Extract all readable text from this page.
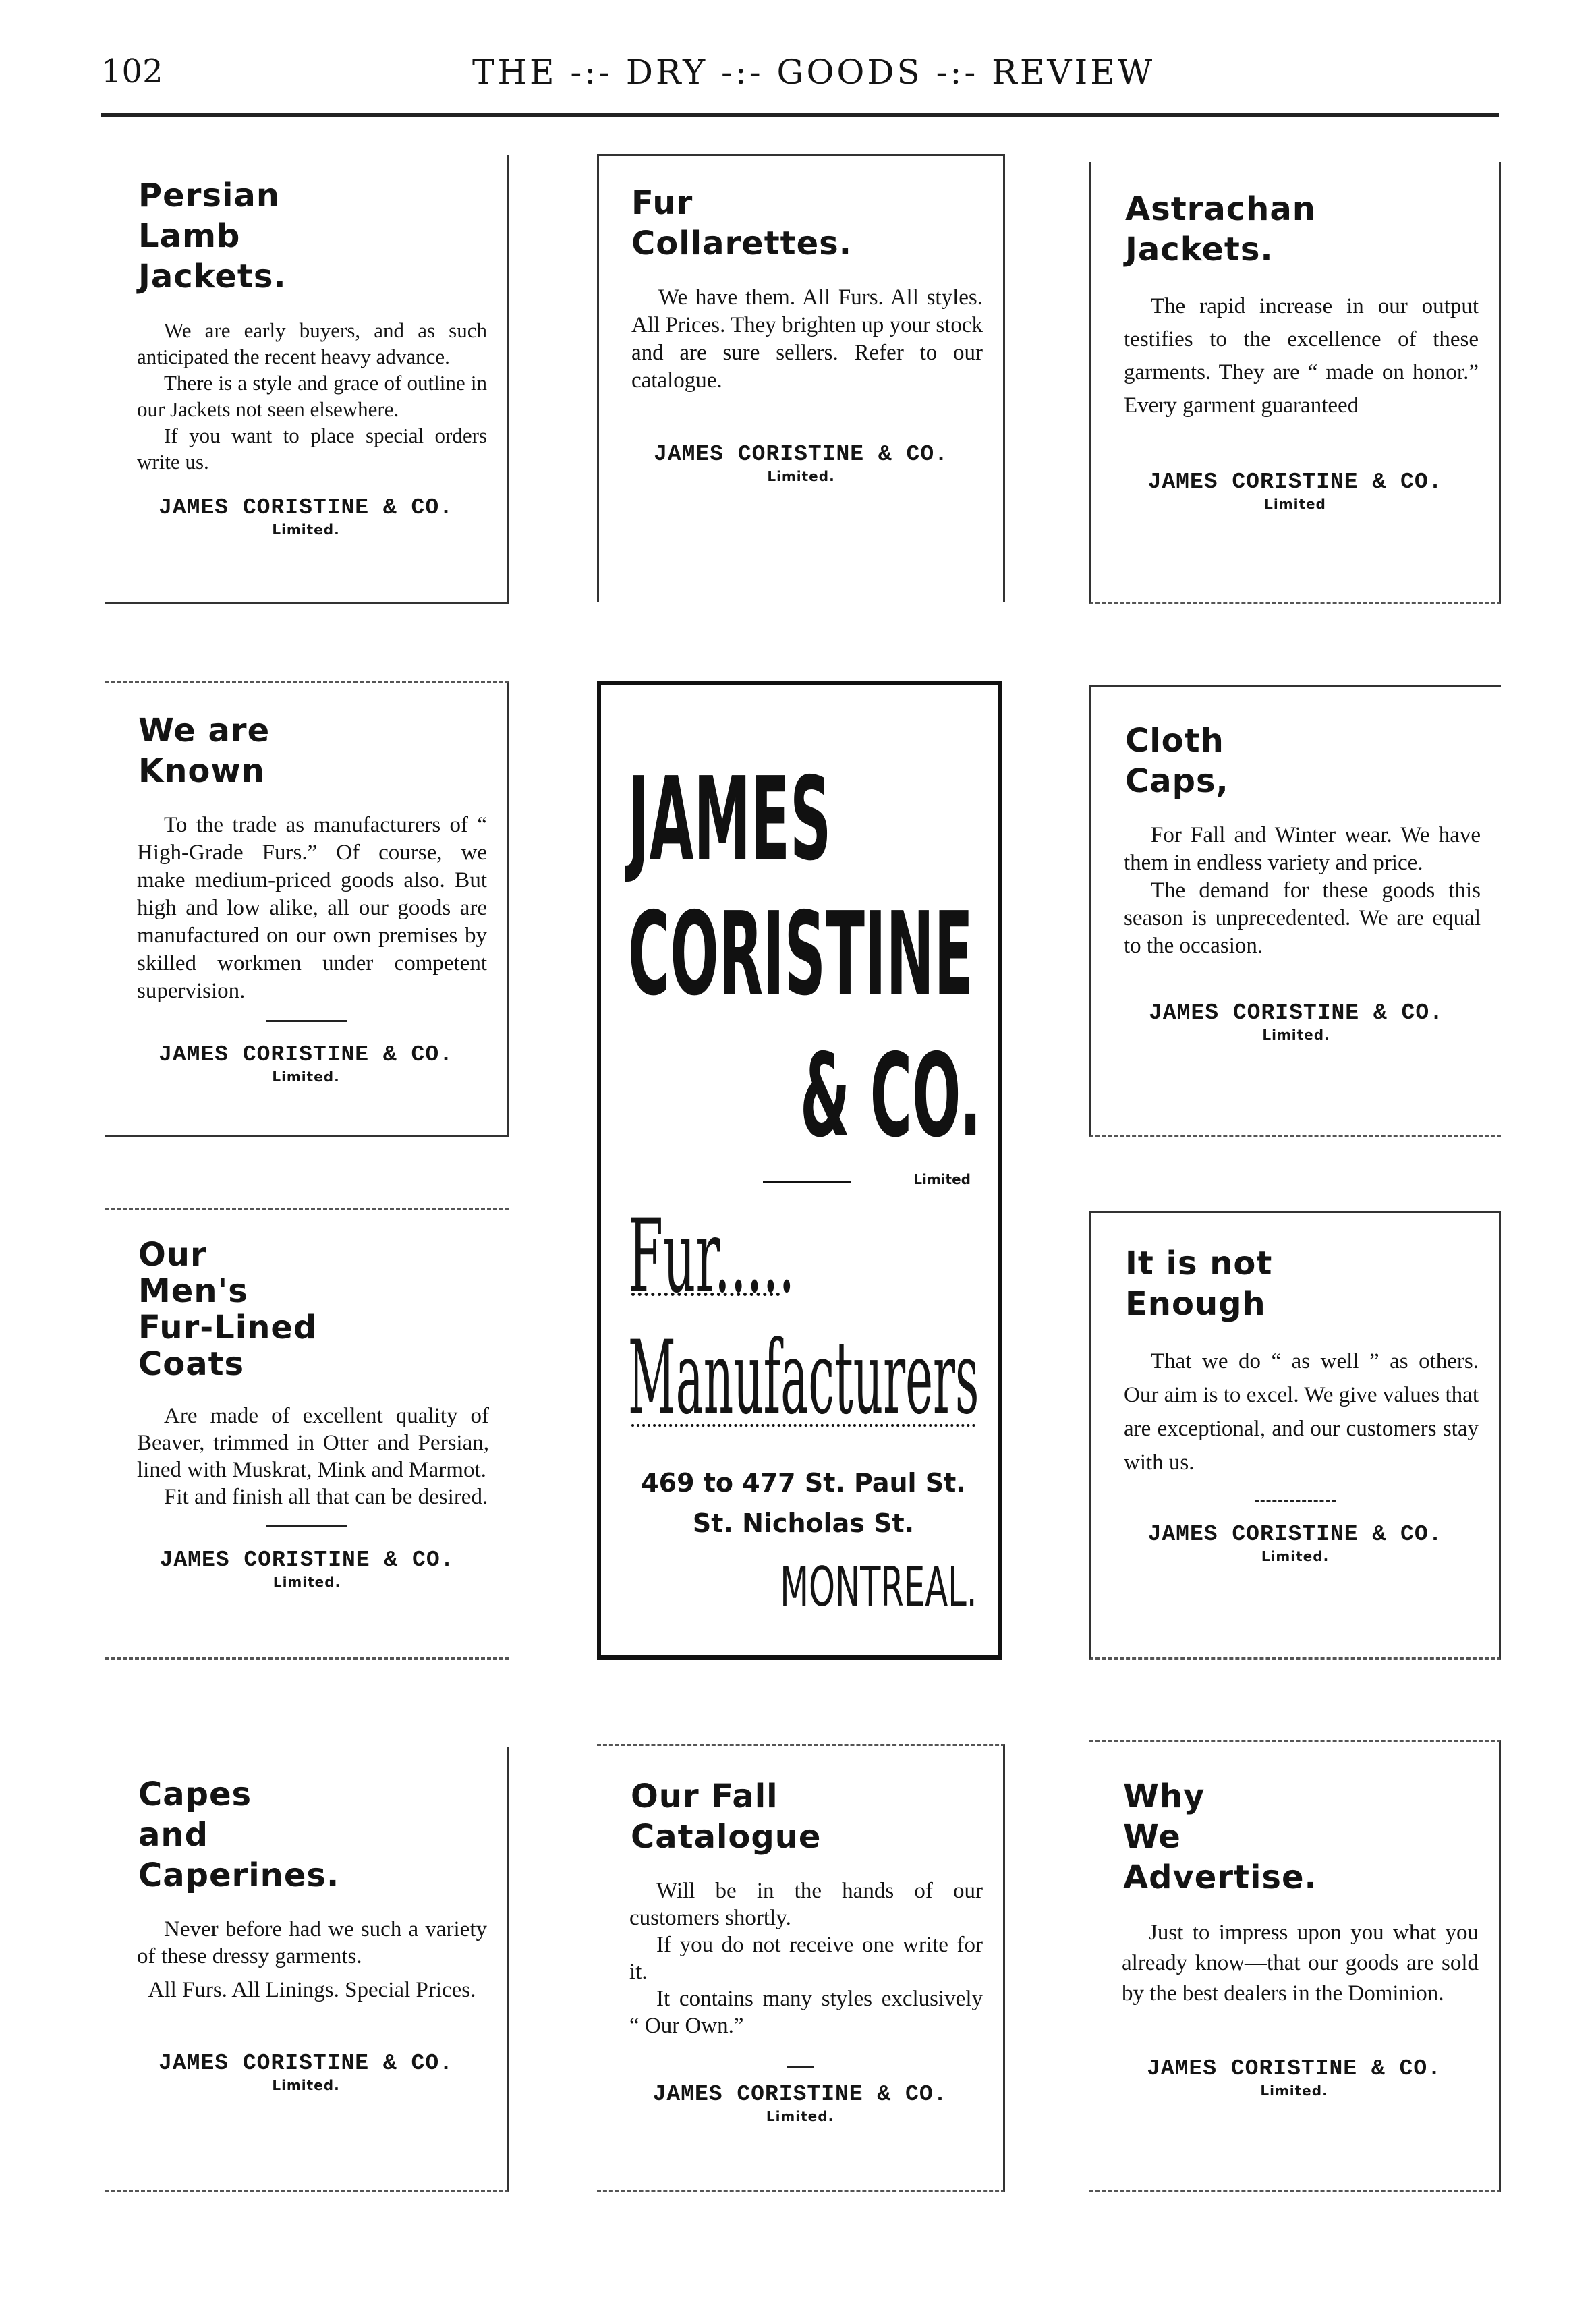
102	THE -:- DRY -:- GOODS -:- REVIEW
Persian
Lamb
Jackets.

We are early buyers, and as such anticipated the recent heavy advance.

There is a style and grace of outline in our Jackets not seen elsewhere.

If you want to place special orders write us.

JAMES CORISTINE & CO.
Limited.
Fur
Collarettes.

We have them. All Furs. All styles. All Prices. They brighten up your stock and are sure sellers. Refer to our catalogue.

JAMES CORISTINE & CO.
Limited.
Astrachan
Jackets.

The rapid increase in our output testifies to the excellence of these garments. They are “ made on honor.” Every garment guaranteed

JAMES CORISTINE & CO.
Limited
We are
Known

To the trade as manufacturers of “ High-Grade Furs.” Of course, we make medium-priced goods also. But high and low alike, all our goods are manufactured on our own premises by skilled workmen under competent supervision.

JAMES CORISTINE & CO.
Limited.
Cloth
Caps,

For Fall and Winter wear. We have them in endless variety and price.

The demand for these goods this season is unprecedented. We are equal to the occasion.

JAMES CORISTINE & CO.
Limited.
Our
Men's
Fur-Lined
Coats

Are made of excellent quality of Beaver, trimmed in Otter and Persian, lined with Muskrat, Mink and Marmot.

Fit and finish all that can be desired.

JAMES CORISTINE & CO.
Limited.
It is not
Enough

That we do “ as well ” as others. Our aim is to excel. We give values that are exceptional, and our customers stay with us.

JAMES CORISTINE & CO.
Limited.
JAMES
CORISTINE
& CO.
Limited
Fur.....
Manufacturers
469 to 477 St. Paul St.
St. Nicholas St.
MONTREAL.
Capes
and
Caperines.

Never before had we such a variety of these dressy garments.

All Furs. All Linings. Special Prices.

JAMES CORISTINE & CO.
Limited.
Our Fall
Catalogue

Will be in the hands of our customers shortly.

If you do not receive one write for it.

It contains many styles exclusively “ Our Own.”

JAMES CORISTINE & CO.
Limited.
Why
We
Advertise.

Just to impress upon you what you already know—that our goods are sold by the best dealers in the Dominion.

JAMES CORISTINE & CO.
Limited.
